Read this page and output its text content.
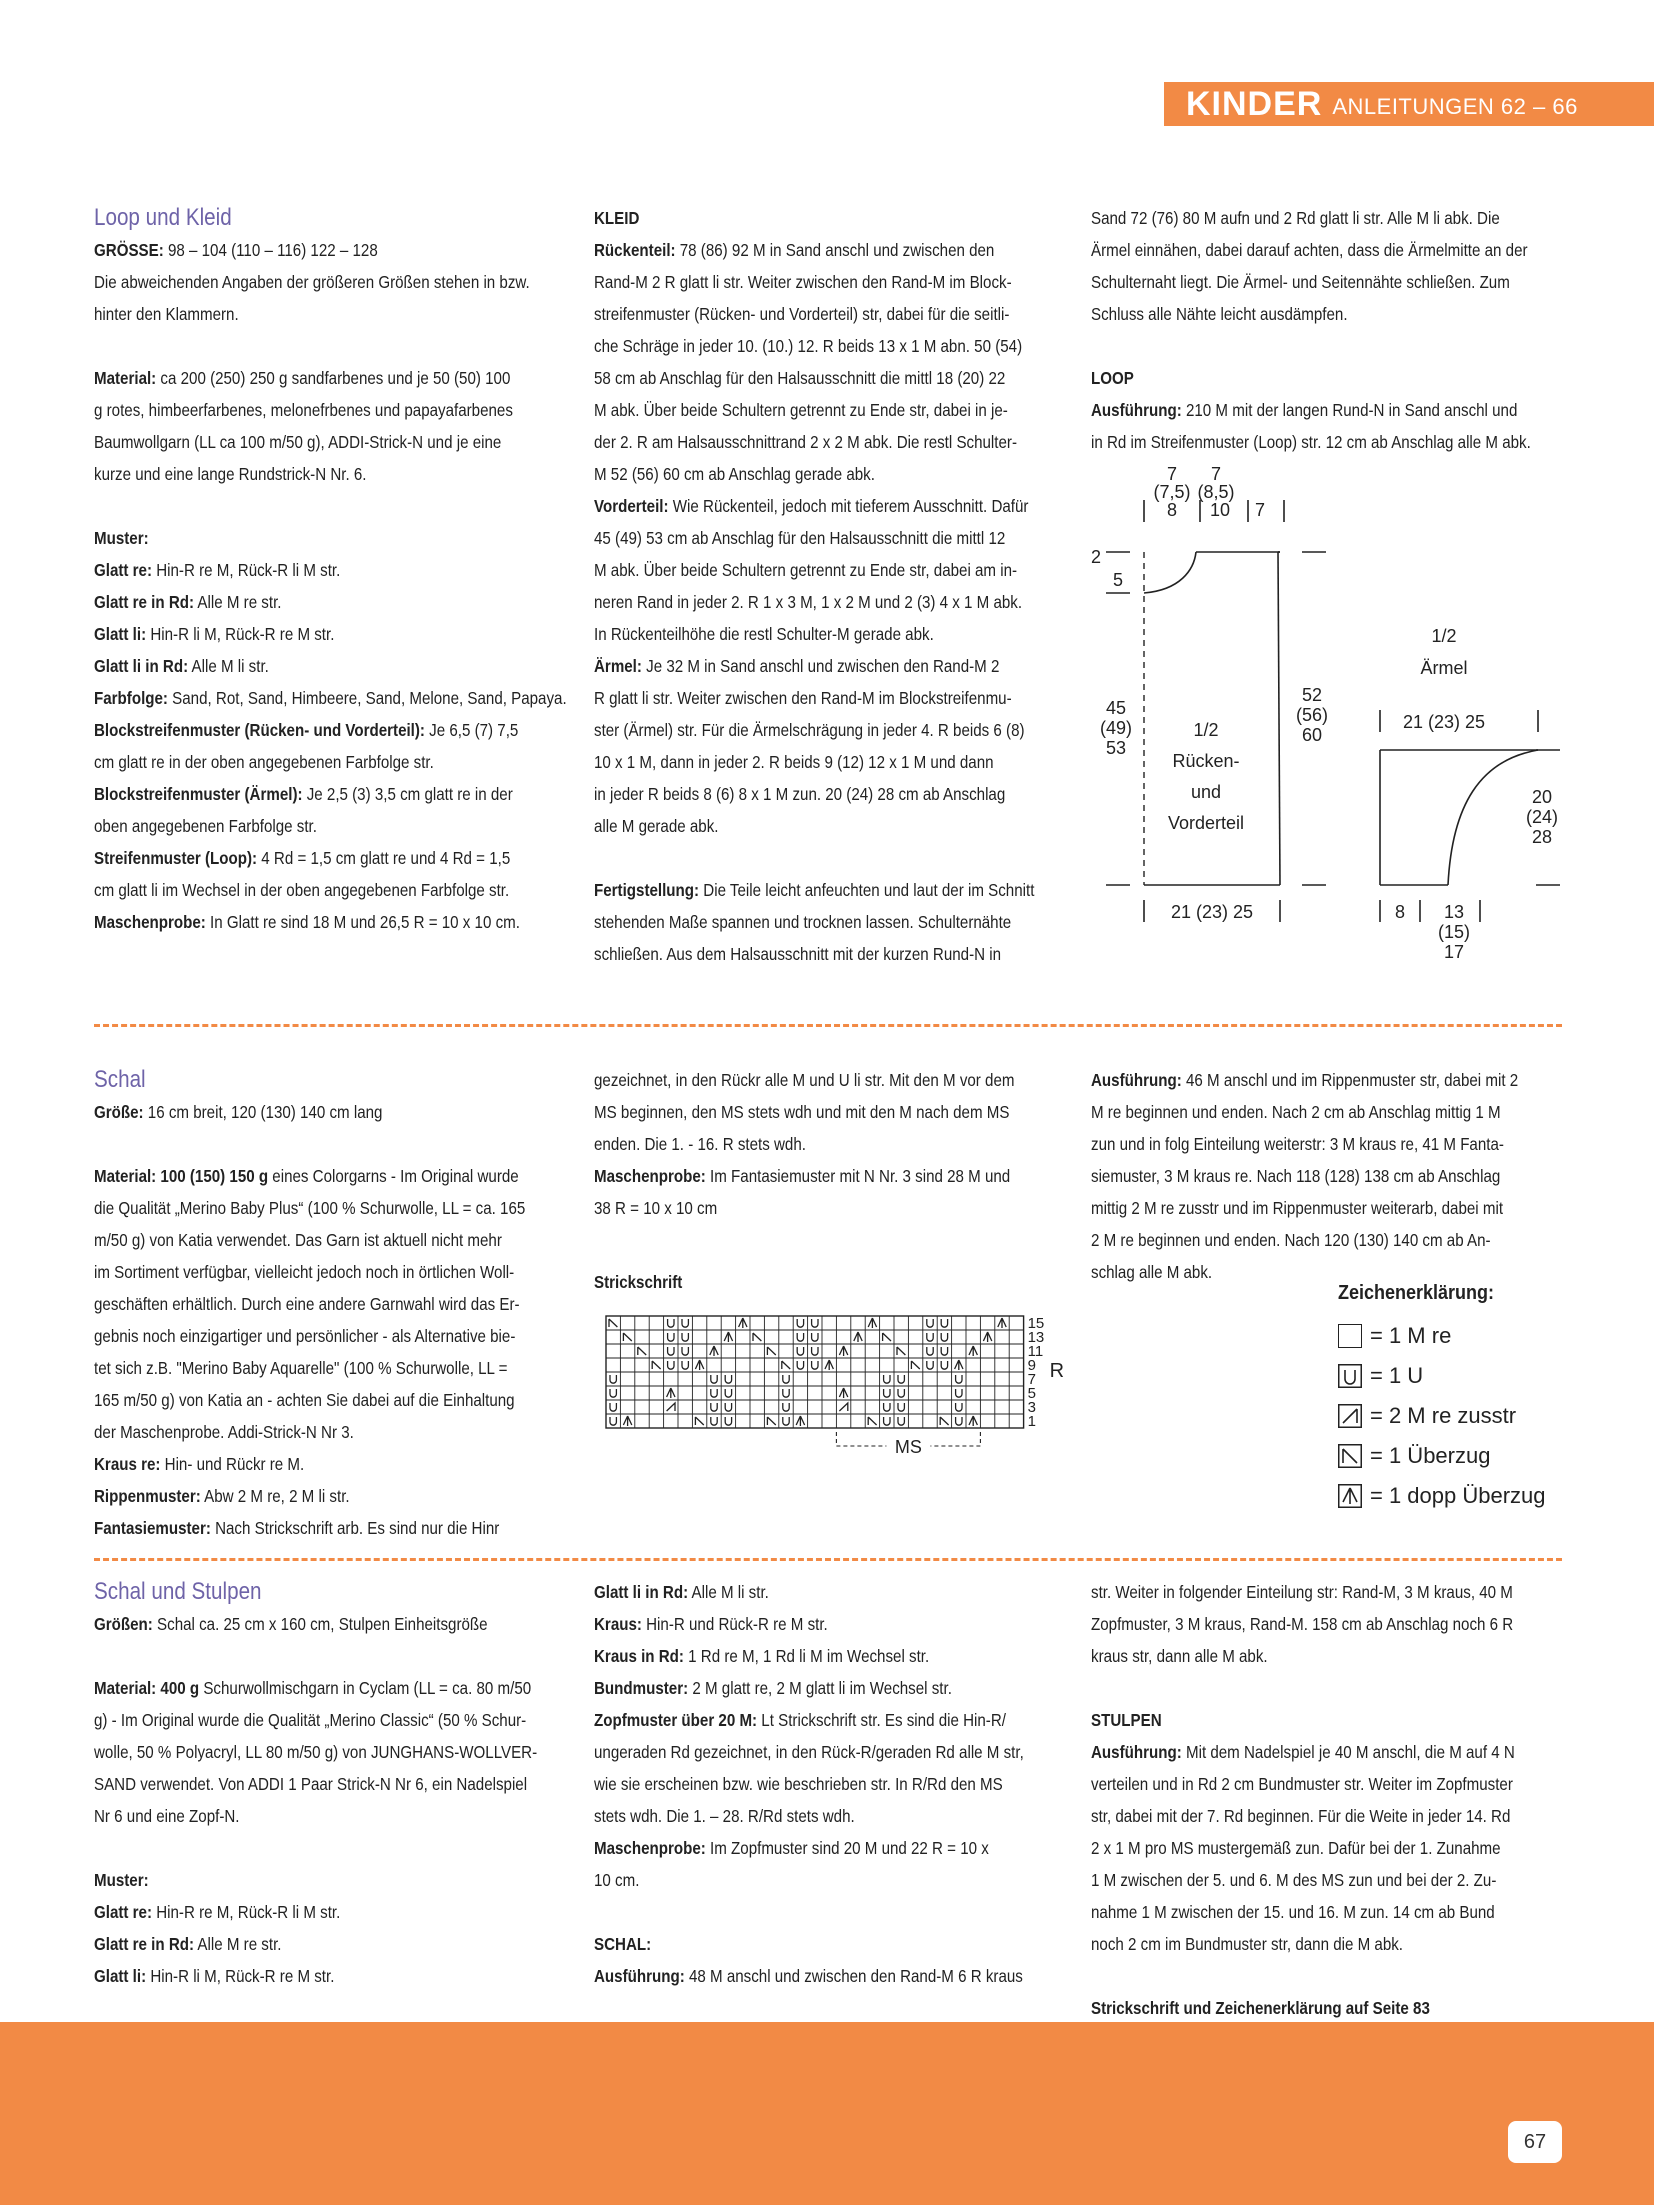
KINDER ANLEITUNGEN 62 – 66

Loop und Kleid

GRÖSSE: 98 – 104 (110 – 116) 122 – 128

Die abweichenden Angaben der größeren Größen stehen in bzw.

hinter den Klammern.

Material: ca 200 (250) 250 g sandfarbenes und je 50 (50) 100

g rotes, himbeerfarbenes, melonefrbenes und papayafarbenes

Baumwollgarn (LL ca 100 m/50 g), ADDI-Strick-N und je eine

kurze und eine lange Rundstrick-N Nr. 6.

Muster:

Glatt re: Hin-R re M, Rück-R li M str.

Glatt re in Rd: Alle M re str.

Glatt li: Hin-R li M, Rück-R re M str.

Glatt li in Rd: Alle M li str.

Farbfolge: Sand, Rot, Sand, Himbeere, Sand, Melone, Sand, Papaya.

Blockstreifenmuster (Rücken- und Vorderteil): Je 6,5 (7) 7,5

cm glatt re in der oben angegebenen Farbfolge str.

Blockstreifenmuster (Ärmel): Je 2,5 (3) 3,5 cm glatt re in der

oben angegebenen Farbfolge str.

Streifenmuster (Loop): 4 Rd = 1,5 cm glatt re und 4 Rd = 1,5

cm glatt li im Wechsel in der oben angegebenen Farbfolge str.

Maschenprobe: In Glatt re sind 18 M und 26,5 R = 10 x 10 cm.

KLEID

Rückenteil: 78 (86) 92 M in Sand anschl und zwischen den

Rand-M 2 R glatt li str. Weiter zwischen den Rand-M im Block-

streifenmuster (Rücken- und Vorderteil) str, dabei für die seitli-

che Schräge in jeder 10. (10.) 12. R beids 13 x 1 M abn. 50 (54)

58 cm ab Anschlag für den Halsausschnitt die mittl 18 (20) 22

M abk. Über beide Schultern getrennt zu Ende str, dabei in je-

der 2. R am Halsausschnittrand 2 x 2 M abk. Die restl Schulter-

M 52 (56) 60 cm ab Anschlag gerade abk.

Vorderteil: Wie Rückenteil, jedoch mit tieferem Ausschnitt. Dafür

45 (49) 53 cm ab Anschlag für den Halsausschnitt die mittl 12

M abk. Über beide Schultern getrennt zu Ende str, dabei am in-

neren Rand in jeder 2. R 1 x 3 M, 1 x 2 M und 2 (3) 4 x 1 M abk.

In Rückenteilhöhe die restl Schulter-M gerade abk.

Ärmel: Je 32 M in Sand anschl und zwischen den Rand-M 2

R glatt li str. Weiter zwischen den Rand-M im Blockstreifenmu-

ster (Ärmel) str. Für die Ärmelschrägung in jeder 4. R beids 6 (8)

10 x 1 M, dann in jeder 2. R beids 9 (12) 12 x 1 M und dann

in jeder R beids 8 (6) 8 x 1 M zun. 20 (24) 28 cm ab Anschlag

alle M gerade abk.

Fertigstellung: Die Teile leicht anfeuchten und laut der im Schnitt

stehenden Maße spannen und trocknen lassen. Schulternähte

schließen. Aus dem Halsausschnitt mit der kurzen Rund-N in

Sand 72 (76) 80 M aufn und 2 Rd glatt li str. Alle M li abk. Die

Ärmel einnähen, dabei darauf achten, dass die Ärmelmitte an der

Schulternaht liegt. Die Ärmel- und Seitennähte schließen. Zum

Schluss alle Nähte leicht ausdämpfen.

LOOP

Ausführung: 210 M mit der langen Rund-N in Sand anschl und

in Rd im Streifenmuster (Loop) str. 12 cm ab Anschlag alle M abk.

7 7
(7,5) (8,5)
8 10 7
2
5
45
(49)
53
1/2
Rücken-
und
Vorderteil
52
(56)
60
21 (23) 25
1/2
Ärmel
21 (23) 25
20
(24)
28
8 13
(15)
17

Schal

Größe: 16 cm breit, 120 (130) 140 cm lang

Material: 100 (150) 150 g eines Colorgarns - Im Original wurde

die Qualität „Merino Baby Plus“ (100 % Schurwolle, LL = ca. 165

m/50 g) von Katia verwendet. Das Garn ist aktuell nicht mehr

im Sortiment verfügbar, vielleicht jedoch noch in örtlichen Woll-

geschäften erhältlich. Durch eine andere Garnwahl wird das Er-

gebnis noch einzigartiger und persönlicher - als Alternative bie-

tet sich z.B. "Merino Baby Aquarelle" (100 % Schurwolle, LL =

165 m/50 g) von Katia an - achten Sie dabei auf die Einhaltung

der Maschenprobe. Addi-Strick-N Nr 3.

Kraus re: Hin- und Rückr re M.

Rippenmuster: Abw 2 M re, 2 M li str.

Fantasiemuster: Nach Strickschrift arb. Es sind nur die Hinr

gezeichnet, in den Rückr alle M und U li str. Mit den M vor dem

MS beginnen, den MS stets wdh und mit den M nach dem MS

enden. Die 1. - 16. R stets wdh.

Maschenprobe: Im Fantasiemuster mit N Nr. 3 sind 28 M und

38 R = 10 x 10 cm

Ausführung: 46 M anschl und im Rippenmuster str, dabei mit 2

M re beginnen und enden. Nach 2 cm ab Anschlag mittig 1 M

zun und in folg Einteilung weiterstr: 3 M kraus re, 41 M Fanta-

siemuster, 3 M kraus re. Nach 118 (128) 138 cm ab Anschlag

mittig 2 M re zusstr und im Rippenmuster weiterarb, dabei mit

2 M re beginnen und enden. Nach 120 (130) 140 cm ab An-

schlag alle M abk.

Strickschrift

15
13
11
9
7
5
3
1
R
MS
Zeichenerklärung:
= 1 M re
= 1 U
= 2 M re zusstr
= 1 Überzug
= 1 dopp Überzug

Schal und Stulpen

Größen: Schal ca. 25 cm x 160 cm, Stulpen Einheitsgröße

Material: 400 g Schurwollmischgarn in Cyclam (LL = ca. 80 m/50

g) - Im Original wurde die Qualität „Merino Classic“ (50 % Schur-

wolle, 50 % Polyacryl, LL 80 m/50 g) von JUNGHANS-WOLLVER-

SAND verwendet. Von ADDI 1 Paar Strick-N Nr 6, ein Nadelspiel

Nr 6 und eine Zopf-N.

Muster:

Glatt re: Hin-R re M, Rück-R li M str.

Glatt re in Rd: Alle M re str.

Glatt li: Hin-R li M, Rück-R re M str.

Glatt li in Rd: Alle M li str.

Kraus: Hin-R und Rück-R re M str.

Kraus in Rd: 1 Rd re M, 1 Rd li M im Wechsel str.

Bundmuster: 2 M glatt re, 2 M glatt li im Wechsel str.

Zopfmuster über 20 M: Lt Strickschrift str. Es sind die Hin-R/

ungeraden Rd gezeichnet, in den Rück-R/geraden Rd alle M str,

wie sie erscheinen bzw. wie beschrieben str. In R/Rd den MS

stets wdh. Die 1. – 28. R/Rd stets wdh.

Maschenprobe: Im Zopfmuster sind 20 M und 22 R = 10 x

10 cm.

SCHAL:

Ausführung: 48 M anschl und zwischen den Rand-M 6 R kraus

str. Weiter in folgender Einteilung str: Rand-M, 3 M kraus, 40 M

Zopfmuster, 3 M kraus, Rand-M. 158 cm ab Anschlag noch 6 R

kraus str, dann alle M abk.

STULPEN

Ausführung: Mit dem Nadelspiel je 40 M anschl, die M auf 4 N

verteilen und in Rd 2 cm Bundmuster str. Weiter im Zopfmuster

str, dabei mit der 7. Rd beginnen. Für die Weite in jeder 14. Rd

2 x 1 M pro MS mustergemäß zun. Dafür bei der 1. Zunahme

1 M zwischen der 5. und 6. M des MS zun und bei der 2. Zu-

nahme 1 M zwischen der 15. und 16. M zun. 14 cm ab Bund

noch 2 cm im Bundmuster str, dann die M abk.

Strickschrift und Zeichenerklärung auf Seite 83

67
